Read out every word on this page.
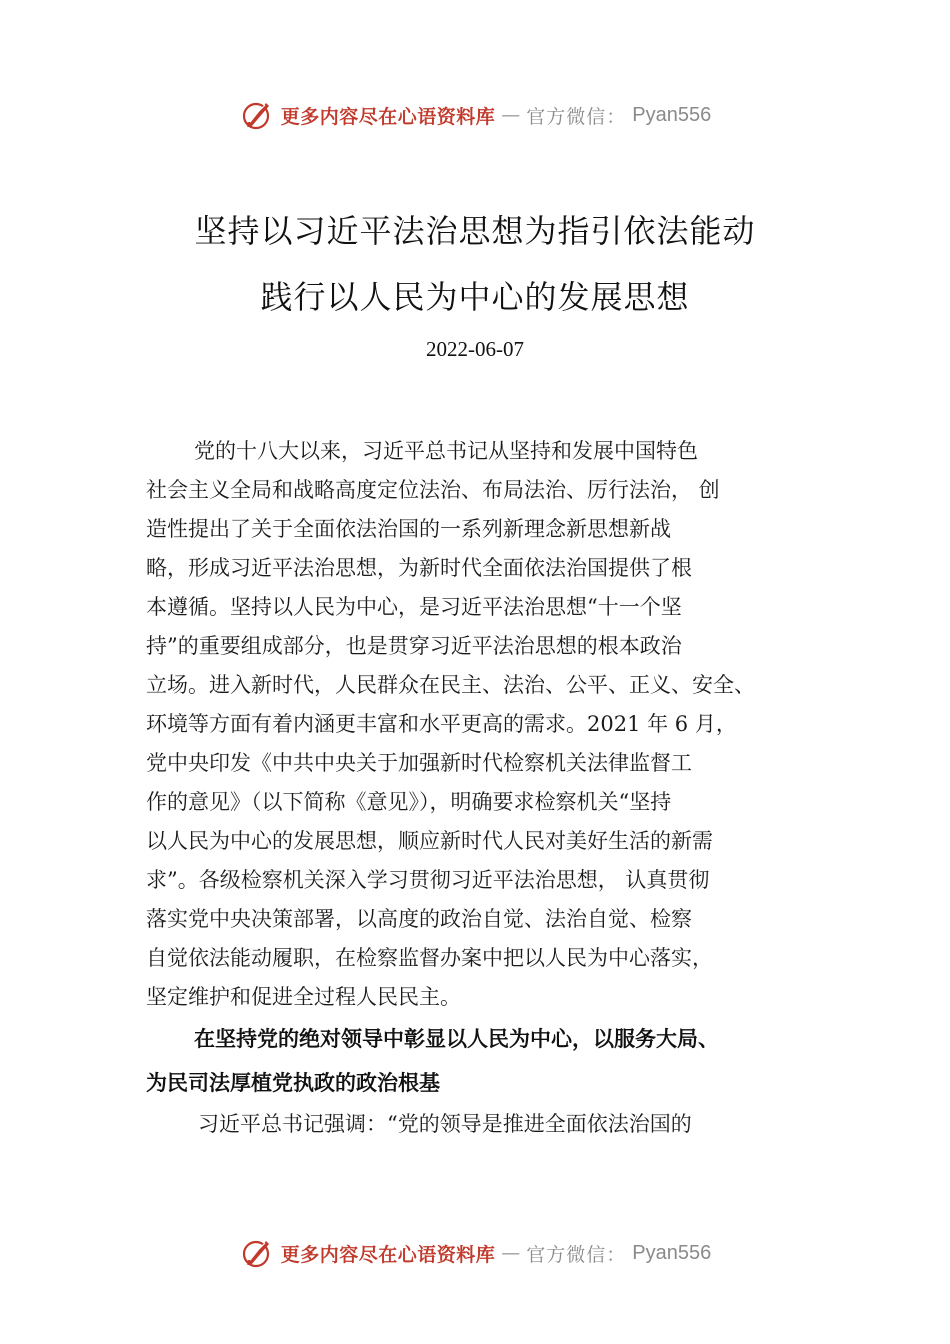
更多内容尽在心语资料库 — 官方微信： Pyan556
坚持以习近平法治思想为指引依法能动
践行以人民为中心的发展思想
2022-06-07
党的十八大以来，习近平总书记从坚持和发展中国特色
社会主义全局和战略高度定位法治、布局法治、厉行法治， 创
造性提出了关于全面依法治国的一系列新理念新思想新战
略，形成习近平法治思想，为新时代全面依法治国提供了根
本遵循。坚持以人民为中心，是习近平法治思想“十一个坚
持”的重要组成部分，也是贯穿习近平法治思想的根本政治
立场。进入新时代，人民群众在民主、法治、公平、正义、安全、
环境等方面有着内涵更丰富和水平更高的需求。2021 年 6 月，
党中央印发《中共中央关于加强新时代检察机关法律监督工
作的意见》（以下简称《意见》），明确要求检察机关“坚持
以人民为中心的发展思想，顺应新时代人民对美好生活的新需
求”。各级检察机关深入学习贯彻习近平法治思想， 认真贯彻
落实党中央决策部署，以高度的政治自觉、法治自觉、检察
自觉依法能动履职，在检察监督办案中把以人民为中心落实，
坚定维护和促进全过程人民民主。
在坚持党的绝对领导中彰显以人民为中心，以服务大局、
为民司法厚植党执政的政治根基
习近平总书记强调：“党的领导是推进全面依法治国的
更多内容尽在心语资料库 — 官方微信： Pyan556
